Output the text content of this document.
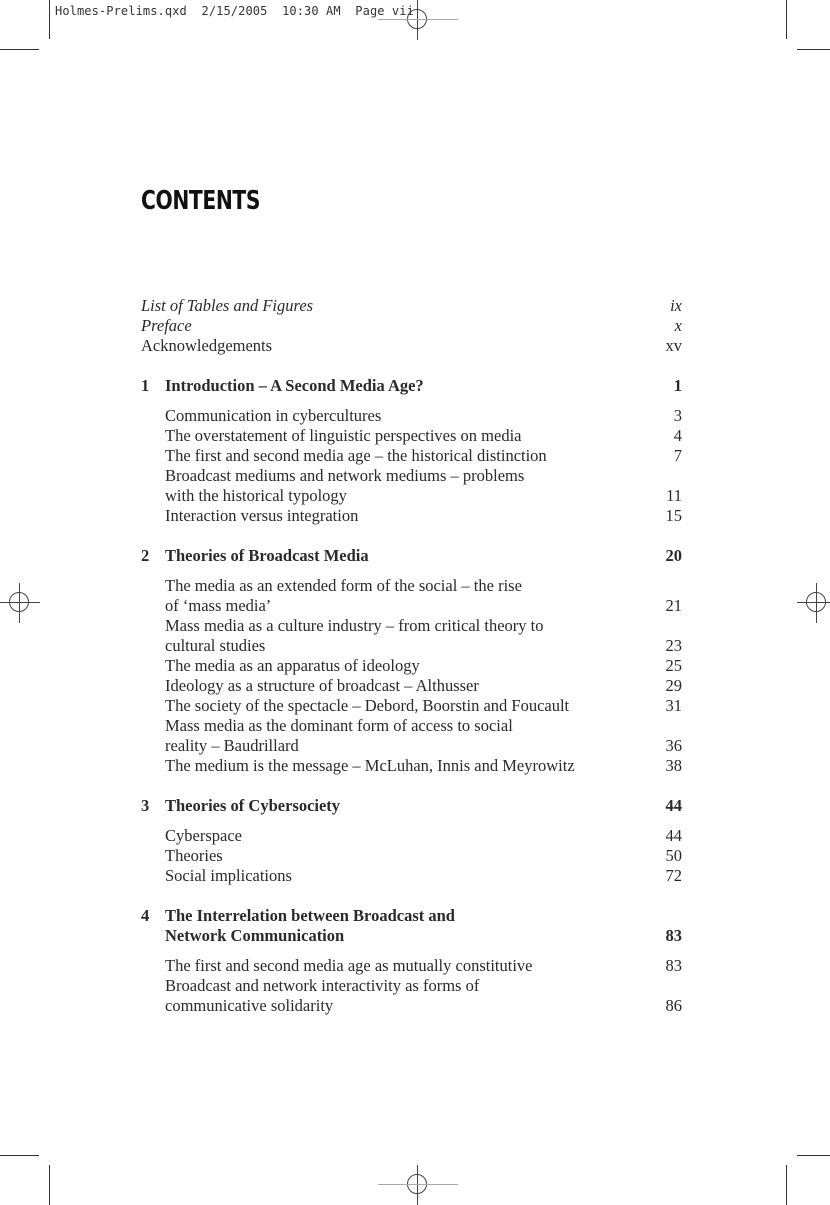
Holmes-Prelims.qxd  2/15/2005  10:30 AM  Page vii
CONTENTS
List of Tables and Figures	ix
Preface	x
Acknowledgements	xv
1 Introduction – A Second Media Age?	1
Communication in cybercultures	3
The overstatement of linguistic perspectives on media	4
The first and second media age – the historical distinction	7
Broadcast mediums and network mediums – problems
with the historical typology	11
Interaction versus integration	15
2 Theories of Broadcast Media	20
The media as an extended form of the social – the rise
of ‘mass media’	21
Mass media as a culture industry – from critical theory to
cultural studies	23
The media as an apparatus of ideology	25
Ideology as a structure of broadcast – Althusser	29
The society of the spectacle – Debord, Boorstin and Foucault	31
Mass media as the dominant form of access to social
reality – Baudrillard	36
The medium is the message – McLuhan, Innis and Meyrowitz	38
3 Theories of Cybersociety	44
Cyberspace	44
Theories	50
Social implications	72
4 The Interrelation between Broadcast and
Network Communication	83
The first and second media age as mutually constitutive	83
Broadcast and network interactivity as forms of
communicative solidarity	86
